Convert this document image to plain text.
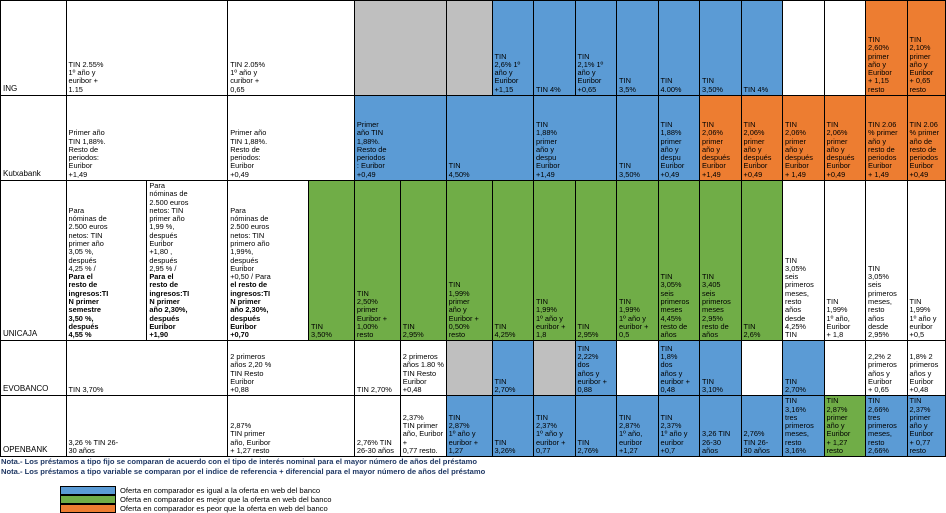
ING	TIN 2.55%
1º año y
euribor +
1.15	TIN 2.05%
1º año y
curibor +
0,65			TIN
2,6% 1º
año y
Euribor
+1,15	TIN 4%	TIN
2,1% 1º
año y
Euribor
+0,65	TIN
3,5%	TIN
4.00%	TIN
3,50%	TIN 4%			TIN
2,60%
primer
año y
Euribor
+ 1,15
resto	TIN
2,10%
primer
año y
Euribor
+ 0,65
resto
Kutxabank	Primer año
TIN 1,88%.
Resto de
periodos:
Euribor
+1,49	Primer año
TIN 1,88%.
Resto de
periodos:
Euribor
+0,49	Primer
año TIN
1,88%.
Resto de
periodos
: Euribor
+0,49	TIN
4,50%	TIN
1,88%
primer
año y
despu
Euribor
+1,49	TIN
3,50%	TIN
1,88%
primer
año y
despu
Euribor
+0,49	TIN
2,06%
primer
año y
después
Euribor
+1,49	TIN
2,06%
primer
año y
después
Euribor
+0,49	TIN
2,06%
primer
año y
después
Euribor
+ 1,49	TIN
2,06%
primer
año y
después
Euribor
+0,49	TIN 2.06
% primer
año y
resto de
periodos
Euribor
+ 1,49	TIN 2.06
% primer
año de
resto de
periodos
Euribor
+0,49
UNICAJA	Para
nóminas de
2.500 euros
netos: TIN
primer año
3,05 %,
después
4,25 % /
Para el
resto de
ingresos:TI
N primer
semestre
3,50 %,
después
4,55 %	Para
nóminas de
2.500 euros
netos: TIN
primer año
1,99 %,
después
Euribor
+1,80 ,
después
2,95 % /
Para el
resto de
ingresos:TI
N primer
año 2,30%,
después
Euribor
+1,90	Para
nóminas de
2.500 euros
netos: TIN
primero año
1,99%,
después
Euribor
+0,50 / Para
el resto de
ingresos:TI
N primer
año 2,30%,
después
Euribor
+0,70	TIN
3,50%	TIN
2,50%
primer
Euribor +
1,00%
resto	TIN
2,95%	TIN
1,99%
primer
año y
Euribor +
0,50%
resto	TIN
4,25%	TIN
1,99%
1º año y
euribor +
1,8	TIN
2,95%	TIN
1,99%
1º año y
euribor +
0,5	TIN
3,05%
seis
primeros
meses
4,45%
resto de
años	TIN
3,405
seis
primeros
meses
2,95%
resto de
años	TIN
2,6%	TIN
3,05%
seis
primeros
meses,
resto
años
desde
4,25%
TIN	TIN
1,99%
1º año,
Euribor
+ 1,8	TIN
3,05%
seis
primeros
meses,
resto
años
desde
2,95%	TIN
1,99%
1º año y
euribor
+0,5
EVOBANCO	TIN 3,70%	2 primeros
años 2,20 %
TIN Resto
Euribor
+0,88	TIN 2,70%	2 primeros
años 1.80 %
TIN Resto
Euribor
+0,48		TIN
2,70%		TIN
2,22%
dos
años y
euribor +
0,88		TIN
1,8%
dos
años y
euribor +
0,48	TIN
3,10%		TIN
2,70%		2,2% 2
primeros
años y
Euribor
+ 0,65	1,8% 2
primeros
años y
Euribor
+0,48
OPENBANK	3,26 % TIN 26-
30 años	2,87%
TIN primer
año, Euribor
+ 1,27 resto	2,76% TIN
26-30 años	2,37%
TIN primer
año, Euribor +
0,77 resto.	TIN
2,87%
1º año y
euribor +
1,27	TIN
3,26%	TIN
2,37%
1º año y
euribor +
0,77	TIN
2,76%	TIN
2,87%
1º año,
euribor
+1,27	TIN
2,37%
1º año y
euribor
+0,7	3,26 TIN
26-30
años	2,76%
TIN 26-
30 años	TIN
3,16%
tres
primeros
meses,
resto
3,16%	TIN
2,87%
primer
año y
Euribor
+ 1,27
resto	TIN
2,66%
tres
primeros
meses,
resto
2,66%	TIN
2,37%
primer
año y
Euribor
+ 0,77
resto
Nota.- Los préstamos a tipo fijo se comparan de acuerdo con el tipo de interés nominal para el mayor número de años del préstamo
Nota.- Los préstamos a tipo variable se comparan por el indice de referencia + diferencial para el mayor número de años del préstamo
	Oferta en comparador es igual a la oferta en web del banco

	Oferta en comparador es mejor que la oferta en web del banco

	Oferta en comparador es peor que la oferta en web del banco
